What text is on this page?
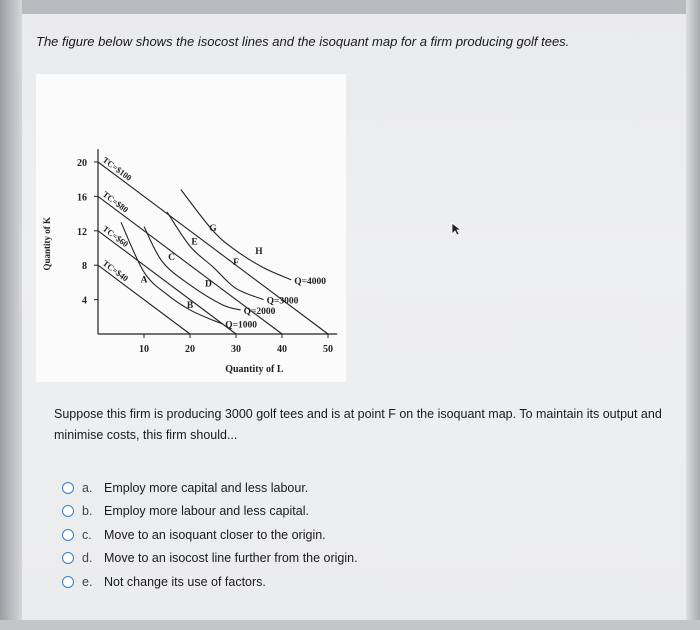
The figure below shows the isocost lines and the isoquant map for a firm producing golf tees.
10	20	30	40	50
4
8
12
16
20
Quantity of L
Quantity of K
TC=$100
TC=$80
TC=$60
TC=$40
Q=1000
Q=2000
Q=3000
Q=4000
A
B
C
D
E
F
G
H
Suppose this firm is producing 3000 golf tees and is at point F on the isoquant map. To maintain its output and minimise costs, this firm should...
a. Employ more capital and less labour.
b. Employ more labour and less capital.
c. Move to an isoquant closer to the origin.
d. Move to an isocost line further from the origin.
e. Not change its use of factors.
